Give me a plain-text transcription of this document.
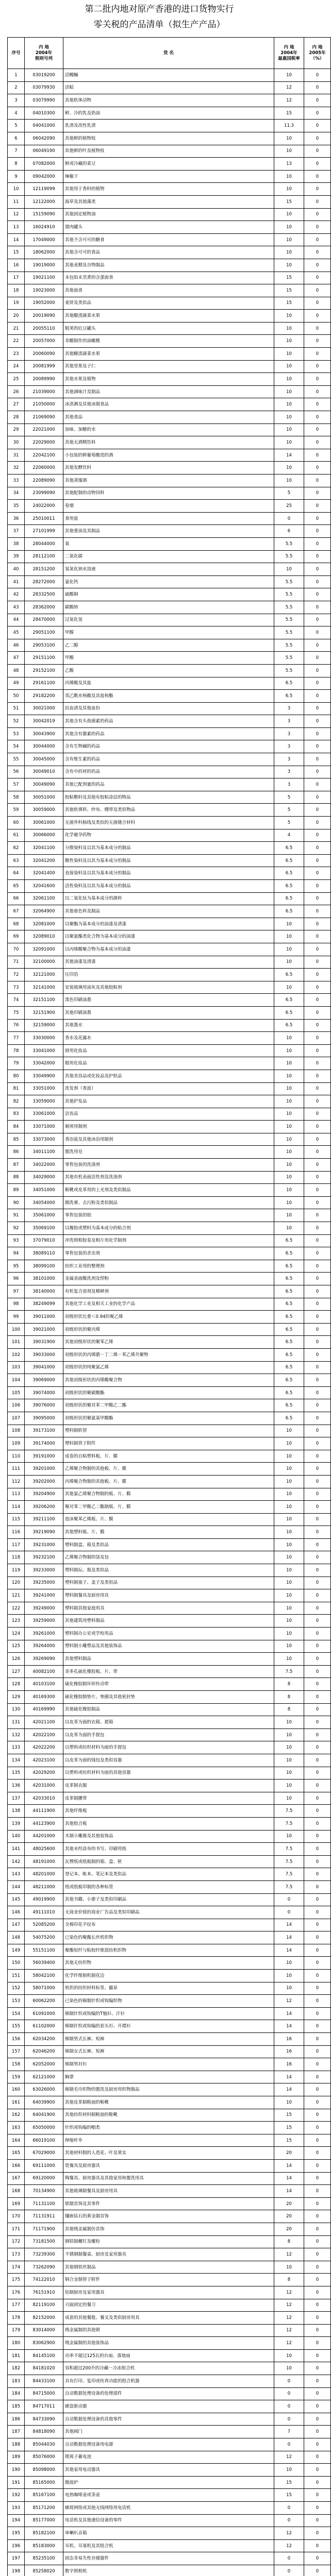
第二批内地对原产香港的进口货物实行
零关税的产品清单（拟生产产品）
序号	内 地
2004年
税则号列	货 名	内 地
2004年
最惠国税率	内 地
2005年
（%）
1	03019200	活鳗鲡	10	0
2	03079930	活蛤	12	0
3	03079990	其他软体动物	12	0
4	04010300	鲜、冷的乳及奶油	15	0
5	04041000	乳清及改性乳清	11.3	0
6	06042090	其他鲜的植物枝	10	0
7	06049190	其他鲜的叶及植物枝	10	0
8	07082000	鲜或冷藏的菜豆	13	0
9	09042000	辣椒干	10	0
10	12119099	其他用于香料的植物	10	0
11	12122000	海草及其他藻类	15	0
12	15159090	其他固定植物油	10	0
13	16024910	猪肉罐头	10	0
14	17049000	其他不含可可的糖食	10	0
15	18062000	其他含可可的食品	10	0
16	19019000	其他麦精及谷物制品	10	0
17	19021100	未包馅未烹煮的含蛋面食	15	0
18	19023000	其他面食	15	0
19	19052000	姜饼及类似品	15	0
20	20019090	其他醋渍蔬菜水果	10	0
21	20055110	脱荚的豇豆罐头	10	0
22	20057000	非醋制作的油橄榄	10	0
23	20060090	其他糖渍蔬菜水果	10	0
24	20081999	其他坚果及子仁	10	0
25	20089990	其他水果及植物	10	0
26	21039000	其他调味汁及制品	10	0
27	21050000	冰淇淋及其他冰制食品	10	0
28	21069090	其他食品	10	0
29	22021000	加味、加糖的水	10	0
30	22029000	其他无酒精饮料	10	0
31	22042100	小包装的鲜葡萄酿造的酒	14	0
32	22060000	其他发酵饮料	10	0
33	22089090	其他蒸馏酒	10	0
34	23099090	其他配制的动物饲料	5	0
35	24022000	卷烟	25	0
36	25010011	食用盐	0	0
37	27101999	其他重油及其制品	6	0
38	28044000	氧	5.5	0
39	28112100	二氧化碳	5.5	0
40	28151200	氢氧化钠水溶液	10	0
41	28272000	氯化钙	5.5	0
42	28332500	硫酸铜	5.5	0
43	28362000	碳酸钠	5.5	0
44	28470000	过氧化氢	5.5	0
45	29051100	甲醇	5.5	0
46	29053100	乙二醇	5.5	0
47	29151100	甲酸	5.5	0
48	29152100	乙酸	5.5	0
49	29161100	丙烯酸及其盐	6.5	0
50	29182200	邻乙酰水杨酸及其盐和酯	6.5	0
51	30021000	抗血清及其他血份	3	0
52	30042019	其他含有头孢菌素的药品	3	0
53	30043900	其他含有激素的药品	3	0
54	30044000	含有生物碱的药品	3	0
55	30045000	含有维生素的药品	3	0
56	30049010	含有中药材的药品	3	0
57	30049090	其他已配剂量的药品	3	0
58	30051000	胶粘敷料及其他有胶粘涂层的物品	5	0
59	30059000	其他软填料、纱布、绷带及类似物品	5	0
60	30061000	无菌外科肠线及类似的无菌缝合材料	5	0
61	30066000	化学避孕药物	4	0
62	32041100	分散染料及以其为基本成分的制品	6.5	0
63	32041200	酸性染料及以其为基本成分的制品	6.5	0
64	32041400	直接染料及以其为基本成分的制品	6.5	0
65	32041600	活性染料及以其为基本成分的制品	6.5	0
66	32061100	以二氧化钛为基本成分的颜料	6.5	0
67	32064900	其他着色料及制品	6.5	0
68	32081000	以聚酯为基本成分的油漆及清漆	10	0
69	32089010	以聚氨酯类化合物为基本成分的油漆	10	0
70	32091000	以丙烯酸聚合物为基本成分的油漆	10	0
71	32100000	其他油漆及清漆	10	0
72	32121000	压印箔	6.5	0
73	32141000	安装玻璃用油灰及其他胶粘剂	10	0
74	32151100	黑色印刷油墨	6.5	0
75	32151900	其他印刷油墨	6.5	0
76	32159000	其他墨水	6.5	0
77	33030000	香水及花露水	10	0
78	33041000	唇用化妆品	10	0
79	33042000	眼用化妆品	10	0
80	33049900	其他美容品或化妆品及护肤品	10	0
81	33051000	洗发剂（香波）	10	0
82	33059000	其他护发品	10	0
83	33061000	洁齿品	10	0
84	33071000	剃须用制剂	10	0
85	33073000	香浴盐及其他沐浴用制剂	10	0
86	34011100	盥洗用皂	10	0
87	34022000	零售包装的洗涤剂	10	0
88	34029000	其他有机表面活性剂及洗涤剂	10	0
89	34051000	鞋靴或皮革用的上光剂及类似制品	10	0
90	34054000	擦洗膏、去污粉及类似制品	10	0
91	35061000	零售包装的胶	10	0
92	35069100	以橡胶或塑料为基本成分的粘合剂	10	0
93	37079010	冲洗照相胶卷及相片用化学制剂	6.5	0
94	38089110	零售包装的杀虫剂	6.5	0
95	38099100	纺织工业用的整理剂	6.5	0
96	38101000	金属表面酸洗剂及焊粉	6.5	0
97	38140000	有机复合溶剂及稀释剂	6.5	0
98	38249099	其他化学工业及相关工业的化学产品	6.5	0
99	39011000	初级形状比重＜0.94的聚乙烯	6.5	0
100	39021000	初级形状的聚丙烯	6.5	0
101	39031900	其他初级形状的聚苯乙烯	6.5	0
102	39033000	初级形状的丙烯腈－丁二烯－苯乙烯共聚物	6.5	0
103	39041000	初级形状的纯聚氯乙烯	6.5	0
104	39069000	其他初级形状的丙烯酸聚合物	6.5	0
105	39074000	初级形状的聚碳酸酯	6.5	0
106	39076000	初级形状的聚对苯二甲酸乙二酯	6.5	0
107	39095000	初级形状的聚氨基甲酸酯	6.5	0
108	39173100	塑料制软管	10	0
109	39174000	塑料制管子附件	10	0
110	39191000	成卷的自粘塑料板、片、膜	10	0
111	39201000	乙烯聚合物制的其他板、片、膜	10	0
112	39202000	丙烯聚合物制的其他板、片、膜	10	0
113	39204900	其他氯乙烯聚合物制的板、片、膜	10	0
114	39206200	聚对苯二甲酸乙二酯制板、片、膜	10	0
115	39211100	泡沫聚苯乙烯板、片、膜	10	0
116	39219090	其他塑料板、片、膜	10	0
117	39231000	塑料制盒、箱及类似品	10	0
118	39232100	乙烯聚合物制的袋及包	10	0
119	39233000	塑料制坛、瓶及类似品	10	0
120	39235000	塑料制塞子、盖子及类似品	10	0
121	39241000	塑料制餐具及厨房用具	10	0
122	39249000	塑料制其他家庭用具	10	0
123	39259000	其他建筑用塑料制品	10	0
124	39261000	塑料制办公室或学校用品	10	0
125	39264000	塑料制小雕塑品及其他装饰品	10	0
126	39269090	其他塑料制品	10	0
127	40082100	非多孔硫化橡胶板、片、带	7.5	0
128	40103100	硫化橡胶制环形传动带	8	0
129	40169300	硫化橡胶制垫片、垫圈及其他密封垫	8	0
130	40169990	其他硫化橡胶制品	8	0
131	42021100	以皮革为面的衣箱、提箱	10	0
132	42022100	以皮革为面的手提包	10	0
133	42022200	以塑料或纺织材料为面的手提包	10	0
134	42023100	以皮革为面的钱包及类似容器	10	0
135	42029200	以塑料或纺织材料为面的其他容器	10	0
136	42031000	皮革制衣服	10	0
137	42033010	皮革制腰带	10	0
138	44111900	其他纤维板	7.5	0
139	44123900	其他胶合板	7.5	0
140	44201000	木制小雕像及其他装饰品	10	0
141	48025600	其他未经涂布的书写、印刷用纸	7.5	0
142	48191000	瓦楞纸或纸板制的箱、盒、匣	7.5	0
143	48201000	登记本、帐本、笔记本及类似品	7.5	0
144	48211000	纸或纸板印制的各种标签	7.5	0
145	49019900	其他书籍、小册子及类似印刷品	0	0
146	49111010	无商业价值的商业广告品及类似印刷品	0	0
147	52085200	全棉印花平纹布	14	0
148	54075200	已染色的聚酯长丝机织物	14	0
149	55151100	聚酯短纤与粘胶纤维混纺机织物	14	0
150	56039400	其他无纺织物	10	0
151	58042100	化学纤维制机制花边	10	0
152	58071000	机织的纺织材料标签、徽章	10	0
153	60062200	已染色的棉制针织或钩编织物	12	0
154	61091000	棉制针织或钩编的T恤衫、汗衫	14	0
155	61102000	棉制针织或钩编的套头衫、开襟衫	14	0
156	62034200	棉制男式长裤、短裤	16	0
157	62046200	棉制女式长裤、短裤	16	0
158	62052000	棉制男衬衫	16	0
159	62121000	胸罩	14	0
160	63026000	棉制毛巾织物的盥洗及厨房用织物制品	14	0
161	64039900	其他皮革制鞋面的鞋靴	10	0
162	64041900	其他纺织材料制鞋面的鞋靴	15	0
163	65050000	针织或钩编的帽类	15	0
164	66019100	伸缩杆伞	15	0
165	67029000	其他材料制的人造花、叶及果实	20	0
166	69111000	瓷餐具及厨房器具	14	0
167	69120000	陶餐具、厨房器具及其他家用和盥洗用具	14	0
168	70134900	其他玻璃制餐具及厨房用具	14	0
169	71131100	银制首饰及其零件	20	0
170	71131911	镶嵌钻石的黄金制首饰	20	0
171	71171900	其他贱金属制仿首饰	20	0
172	73181500	钢铁制螺钉及螺栓	8	0
173	73239300	不锈钢制餐桌、厨房及家用器具	12	0
174	73262090	其他钢铁丝制品	10	0
175	74122010	铜合金制管子附件	8	0
176	76151910	铝制厨房及家用器具	12	0
177	82119100	刃面固定的餐刀	12	0
178	82152000	成套的其他餐匙、餐叉及类似厨房用具	12	0
179	83014000	贱金属制的其他锁	12	0
180	83062900	贱金属制的其他装饰品	12	0
181	84145100	功率不超过125瓦的台扇、落地扇	10	0
182	84181020	容积超过200升的冷藏－冷冻组合机	10	0
183	84433100	具有打印、复印或传真功能的组合机器	0	0
184	84715000	自动数据处理设备的处理部件	0	0
185	84717011	硬盘驱动器	0	0
186	84733090	自动数据处理设备的其他零件	0	0
187	84818090	其他阀门	7	0
188	85044030	自动数据处理设备用电源	0	0
189	85076000	锂离子蓄电池	12	0
190	85098000	其他家用电动器具	10	0
191	85165000	微波炉	15	0
192	85167100	电热咖啡壶或茶壶	15	0
193	85171200	蜂窝网络或其他无线网络用电话机	0	0
194	85177000	电话机及其他通信设备的零件	0	0
195	85182100	单喇叭音箱	12	0
196	85183000	耳机、耳塞机及其组合机	12	0
197	85235100	固态非易失性存储器件	0	0
198	85258020	数字照相机	0	0
